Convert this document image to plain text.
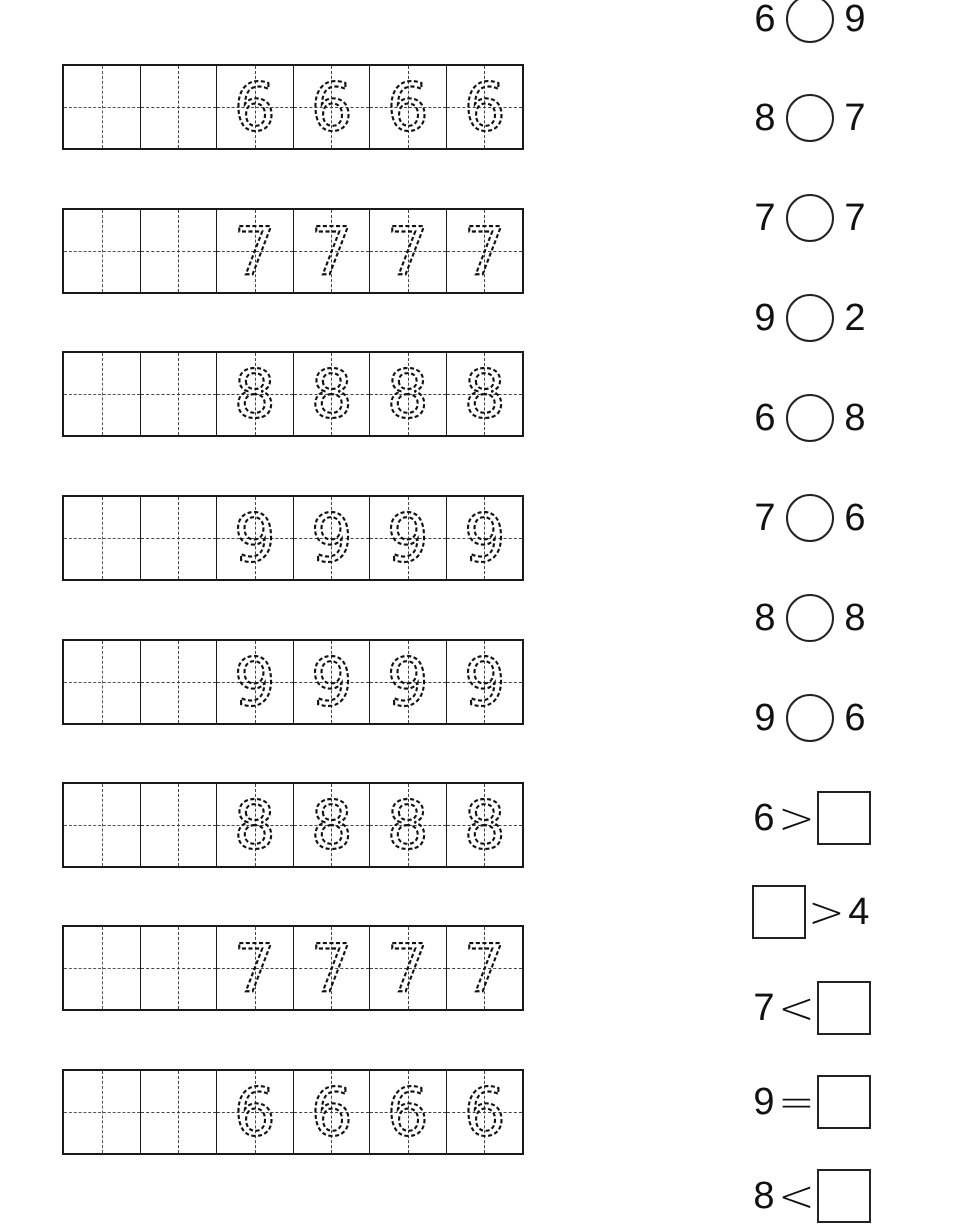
6 6 6 6
7 7 7 7
8 8 8 8
9 9 9 9
9 9 9 9
8 8 8 8
7 7 7 7
6 6 6 6
6 9
8 7
7 7
9 2
6 8
7 6
8 8
9 6
6 >
> 4
7 <
9 =
8 <
